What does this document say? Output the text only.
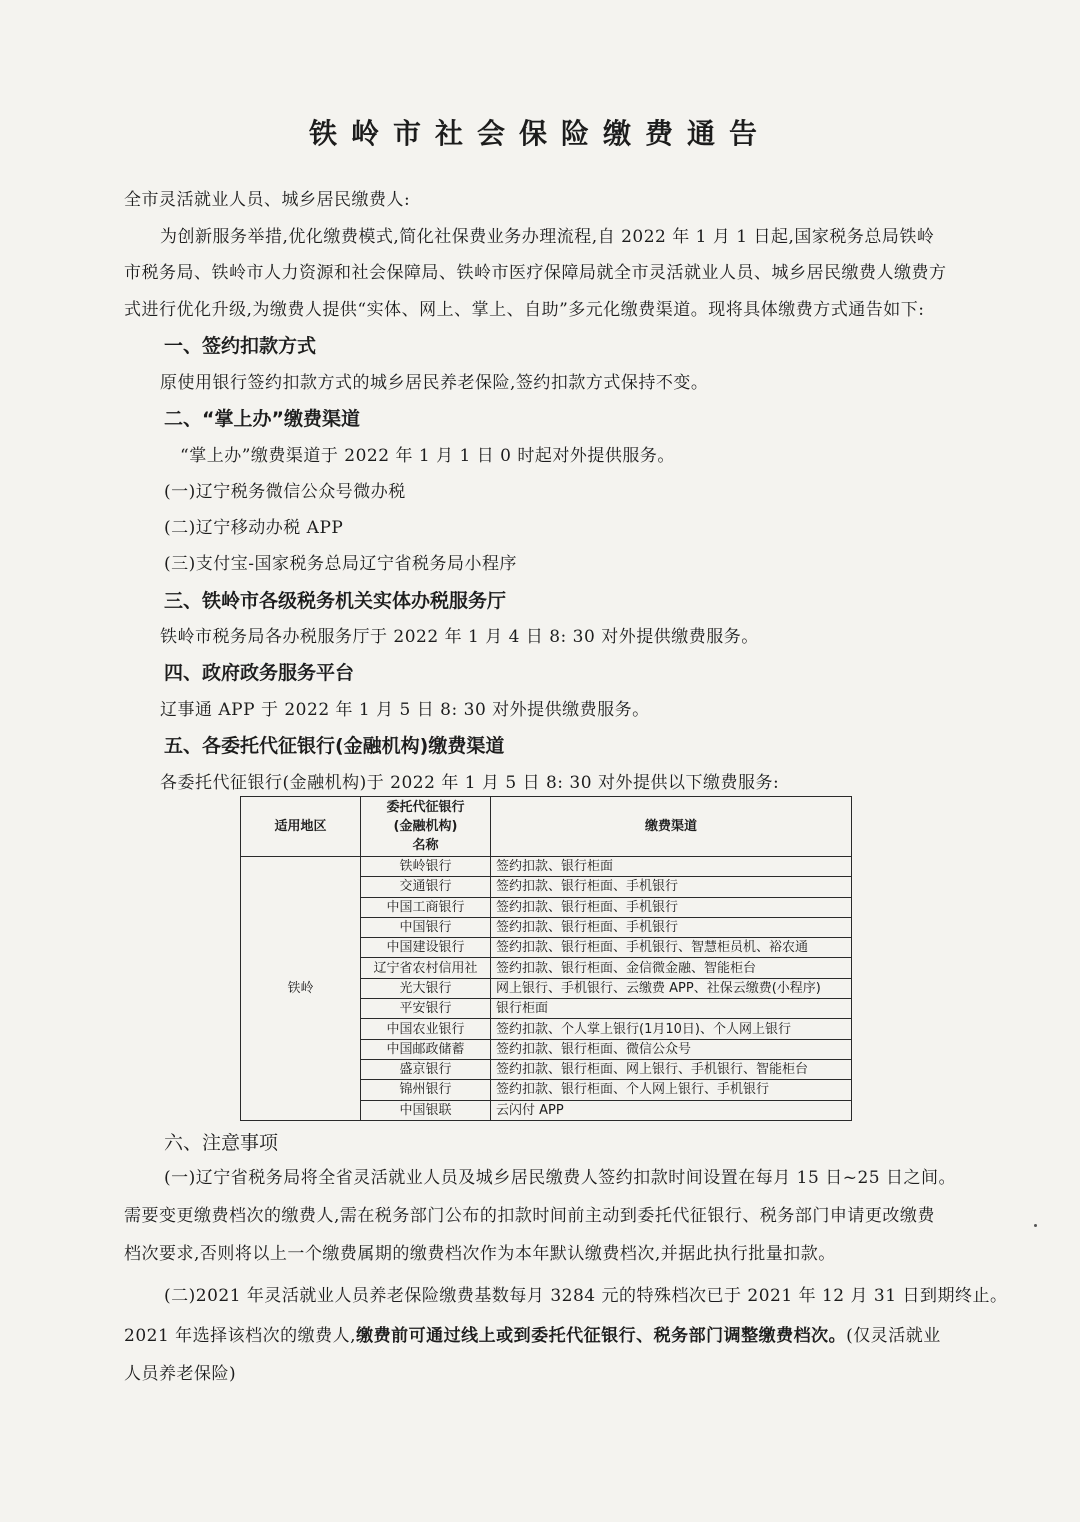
铁岭市社会保险缴费通告
全市灵活就业人员、城乡居民缴费人:
为创新服务举措,优化缴费模式,简化社保费业务办理流程,自 2022 年 1 月 1 日起,国家税务总局铁岭
市税务局、铁岭市人力资源和社会保障局、铁岭市医疗保障局就全市灵活就业人员、城乡居民缴费人缴费方
式进行优化升级,为缴费人提供“实体、网上、掌上、自助”多元化缴费渠道。现将具体缴费方式通告如下:
一、签约扣款方式
原使用银行签约扣款方式的城乡居民养老保险,签约扣款方式保持不变。
二、“掌上办”缴费渠道
“掌上办”缴费渠道于 2022 年 1 月 1 日 0 时起对外提供服务。
(一)辽宁税务微信公众号微办税
(二)辽宁移动办税 APP
(三)支付宝-国家税务总局辽宁省税务局小程序
三、铁岭市各级税务机关实体办税服务厅
铁岭市税务局各办税服务厅于 2022 年 1 月 4 日 8: 30 对外提供缴费服务。
四、政府政务服务平台
辽事通 APP 于 2022 年 1 月 5 日 8: 30 对外提供缴费服务。
五、各委托代征银行(金融机构)缴费渠道
各委托代征银行(金融机构)于 2022 年 1 月 5 日 8: 30 对外提供以下缴费服务:
适用地区	委托代征银行
(金融机构)
名称	缴费渠道
铁岭	铁岭银行	签约扣款、银行柜面
	交通银行	签约扣款、银行柜面、手机银行
	中国工商银行	签约扣款、银行柜面、手机银行
	中国银行	签约扣款、银行柜面、手机银行
	中国建设银行	签约扣款、银行柜面、手机银行、智慧柜员机、裕农通
	辽宁省农村信用社	签约扣款、银行柜面、金信微金融、智能柜台
	光大银行	网上银行、手机银行、云缴费 APP、社保云缴费(小程序)
	平安银行	银行柜面
	中国农业银行	签约扣款、个人掌上银行(1月10日)、个人网上银行
	中国邮政储蓄	签约扣款、银行柜面、微信公众号
	盛京银行	签约扣款、银行柜面、网上银行、手机银行、智能柜台
	锦州银行	签约扣款、银行柜面、个人网上银行、手机银行
	中国银联	云闪付 APP
六、注意事项
(一)辽宁省税务局将全省灵活就业人员及城乡居民缴费人签约扣款时间设置在每月 15 日~25 日之间。
需要变更缴费档次的缴费人,需在税务部门公布的扣款时间前主动到委托代征银行、税务部门申请更改缴费
档次要求,否则将以上一个缴费属期的缴费档次作为本年默认缴费档次,并据此执行批量扣款。
(二)2021 年灵活就业人员养老保险缴费基数每月 3284 元的特殊档次已于 2021 年 12 月 31 日到期终止。
2021 年选择该档次的缴费人,缴费前可通过线上或到委托代征银行、税务部门调整缴费档次。(仅灵活就业
人员养老保险)
